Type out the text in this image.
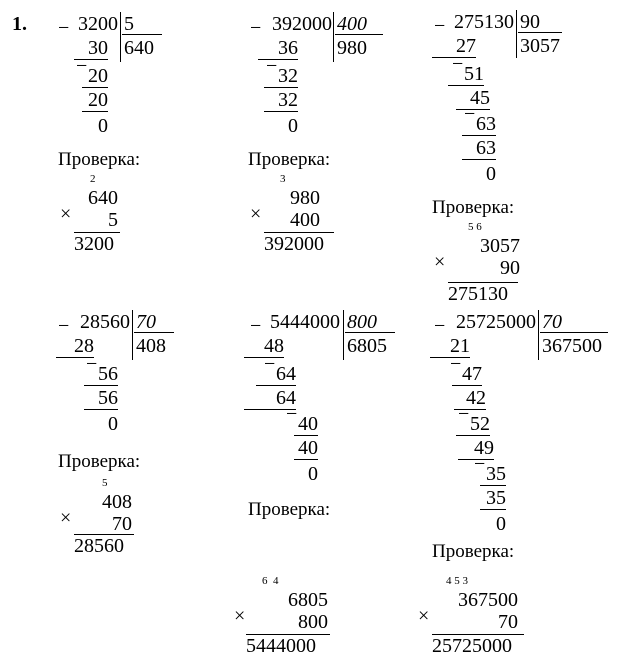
1. − 3200 5
640
30
20
−
20
0
Проверка:
2
640
× 5
3200
− 392000 400
980
36
32
−
32
0
Проверка:
3
980
× 400
392000
− 275130 90
3057
27
51
−
45
63
−
63
0
Проверка:
5 6
3057
×	90
275130
− 28560 70
408
28
56
−
56
0
Проверка:
5
408
× 70
28560
− 5444000 800
6805
48
64
−
64
40
−
40
0
Проверка:
6  4
6805
×	800
5444000
− 25725000 70
367500
21
47
−
42
52
−
49
35
−
35
0
Проверка:
4 5 3
367500
×	70
25725000
